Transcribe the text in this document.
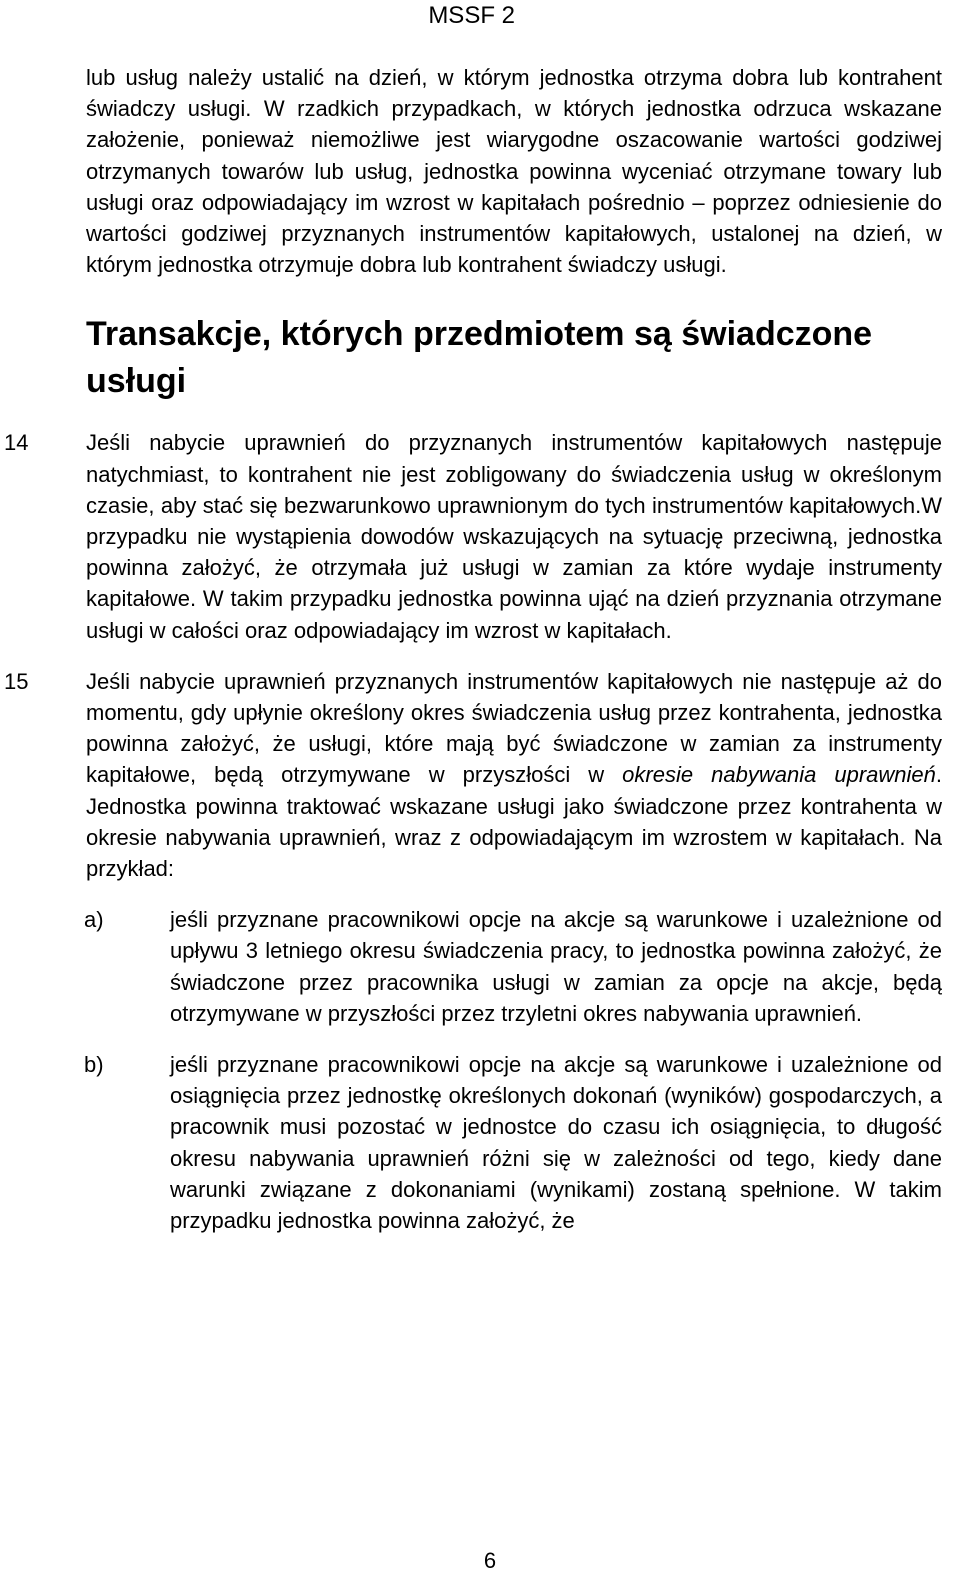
MSSF 2

lub usług należy ustalić na dzień, w którym jednostka otrzyma dobra lub kontrahent świadczy usługi. W rzadkich przypadkach, w których jednostka odrzuca wskazane założenie, ponieważ niemożliwe jest wiarygodne oszacowanie wartości godziwej otrzymanych towarów lub usług, jednostka powinna wyceniać otrzymane towary lub usługi oraz odpowiadający im wzrost w kapitałach pośrednio – poprzez odniesienie do wartości godziwej przyznanych instrumentów kapitałowych, ustalonej na dzień, w którym jednostka otrzymuje dobra lub kontrahent świadczy usługi.

Transakcje, których przedmiotem są świadczone usługi
14	Jeśli nabycie uprawnień do przyznanych instrumentów kapitałowych następuje natychmiast, to kontrahent nie jest zobligowany do świadczenia usług w określonym czasie, aby stać się bezwarunkowo uprawnionym do tych instrumentów kapitałowych.W przypadku nie wystąpienia dowodów wskazujących na sytuację przeciwną, jednostka powinna założyć, że otrzymała już usługi w zamian za które wydaje instrumenty kapitałowe. W takim przypadku jednostka powinna ująć na dzień przyznania otrzymane usługi w całości oraz odpowiadający im wzrost w kapitałach.

15	Jeśli nabycie uprawnień przyznanych instrumentów kapitałowych nie następuje aż do momentu, gdy upłynie określony okres świadczenia usług przez kontrahenta, jednostka powinna założyć, że usługi, które mają być świadczone w zamian za instrumenty kapitałowe, będą otrzymywane w przyszłości w okresie nabywania uprawnień. Jednostka powinna traktować wskazane usługi jako świadczone przez kontrahenta w okresie nabywania uprawnień, wraz z odpowiadającym im wzrostem w kapitałach. Na przykład:

a)	jeśli przyznane pracownikowi opcje na akcje są warunkowe i uzależnione od upływu 3 letniego okresu świadczenia pracy, to jednostka powinna założyć, że świadczone przez pracownika usługi w zamian za opcje na akcje, będą otrzymywane w przyszłości przez trzyletni okres nabywania uprawnień.

b)	jeśli przyznane pracownikowi opcje na akcje są warunkowe i uzależnione od osiągnięcia przez jednostkę określonych dokonań (wyników) gospodarczych, a pracownik musi pozostać w jednostce do czasu ich osiągnięcia, to długość okresu nabywania uprawnień różni się w zależności od tego, kiedy dane warunki związane z dokonaniami (wynikami) zostaną spełnione. W takim przypadku jednostka powinna założyć, że

6
